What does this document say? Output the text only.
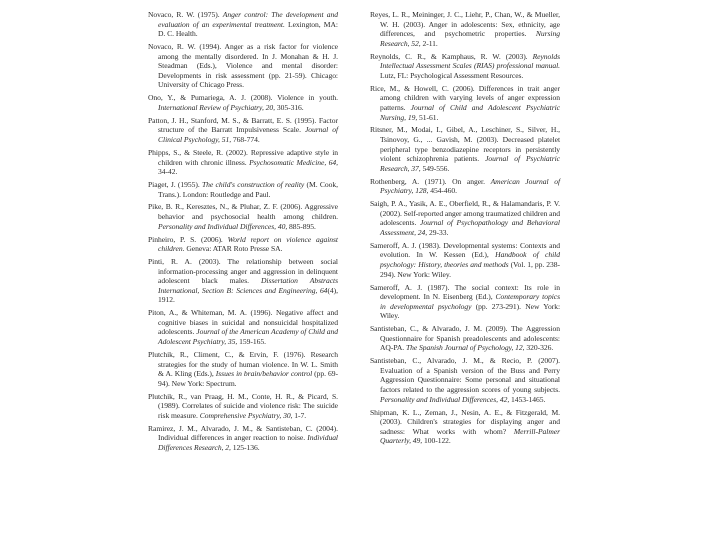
Novaco, R. W. (1975). Anger control: The development and evaluation of an experimental treatment. Lexington, MA: D. C. Health.

Novaco, R. W. (1994). Anger as a risk factor for violence among the mentally disordered. In J. Monahan & H. J. Steadman (Eds.), Violence and mental disorder: Developments in risk assessment (pp. 21-59). Chicago: University of Chicago Press.

Ono, Y., & Pumariega, A. J. (2008). Violence in youth. International Review of Psychiatry, 20, 305-316.

Patton, J. H., Stanford, M. S., & Barratt, E. S. (1995). Factor structure of the Barratt Impulsiveness Scale. Journal of Clinical Psychology, 51, 768-774.

Phipps, S., & Steele, R. (2002). Repressive adaptive style in children with chronic illness. Psychosomatic Medicine, 64, 34-42.

Piaget, J. (1955). The child's construction of reality (M. Cook, Trans.). London: Routledge and Paul.

Pike, B. R., Keresztes, N., & Pluhar, Z. F. (2006). Aggressive behavior and psychosocial health among children. Personality and Individual Differences, 40, 885-895.

Pinheiro, P. S. (2006). World report on violence against children. Geneva: ATAR Roto Presse SA.

Pinti, R. A. (2003). The relationship between social information-processing anger and aggression in delinquent adolescent black males. Dissertation Abstracts International, Section B: Sciences and Engineering, 64(4), 1912.

Piton, A., & Whiteman, M. A. (1996). Negative affect and cognitive biases in suicidal and nonsuicidal hospitalized adolescents. Journal of the American Academy of Child and Adolescent Psychiatry, 35, 159-165.

Plutchik, R., Climent, C., & Ervin, F. (1976). Research strategies for the study of human violence. In W. L. Smith & A. Kling (Eds.), Issues in brain/behavior control (pp. 69-94). New York: Spectrum.

Plutchik, R., van Praag, H. M., Conte, H. R., & Picard, S. (1989). Correlates of suicide and violence risk: The suicide risk measure. Comprehensive Psychiatry, 30, 1-7.

Ramirez, J. M., Alvarado, J. M., & Santisteban, C. (2004). Individual differences in anger reaction to noise. Individual Differences Research, 2, 125-136.

Reyes, L. R., Meininger, J. C., Liehr, P., Chan, W., & Mueller, W. H. (2003). Anger in adolescents: Sex, ethnicity, age differences, and psychometric properties. Nursing Research, 52, 2-11.

Reynolds, C. R., & Kamphaus, R. W. (2003). Reynolds Intellectual Assessment Scales (RIAS) professional manual. Lutz, FL: Psychological Assessment Resources.

Rice, M., & Howell, C. (2006). Differences in trait anger among children with varying levels of anger expression patterns. Journal of Child and Adolescent Psychiatric Nursing, 19, 51-61.

Ritsner, M., Modai, I., Gibel, A., Leschiner, S., Silver, H., Tsinovoy, G., ... Gavish, M. (2003). Decreased platelet peripheral type benzodiazepine receptors in persistently violent schizophrenia patients. Journal of Psychiatric Research, 37, 549-556.

Rothenberg, A. (1971). On anger. American Journal of Psychiatry, 128, 454-460.

Saigh, P. A., Yasik, A. E., Oberfield, R., & Halamandaris, P. V. (2002). Self-reported anger among traumatized children and adolescents. Journal of Psychopathology and Behavioral Assessment, 24, 29-33.

Sameroff, A. J. (1983). Developmental systems: Contexts and evolution. In W. Kessen (Ed.), Handbook of child psychology: History, theories and methods (Vol. 1, pp. 238-294). New York: Wiley.

Sameroff, A. J. (1987). The social context: Its role in development. In N. Eisenberg (Ed.), Contemporary topics in developmental psychology (pp. 273-291). New York: Wiley.

Santisteban, C., & Alvarado, J. M. (2009). The Aggression Questionnaire for Spanish preadolescents and adolescents: AQ-PA. The Spanish Journal of Psychology, 12, 320-326.

Santisteban, C., Alvarado, J. M., & Recio, P. (2007). Evaluation of a Spanish version of the Buss and Perry Aggression Questionnaire: Some personal and situational factors related to the aggression scores of young subjects. Personality and Individual Differences, 42, 1453-1465.

Shipman, K. L., Zeman, J., Nesin, A. E., & Fitzgerald, M. (2003). Children's strategies for displaying anger and sadness: What works with whom? Merrill-Palmer Quarterly, 49, 100-122.
